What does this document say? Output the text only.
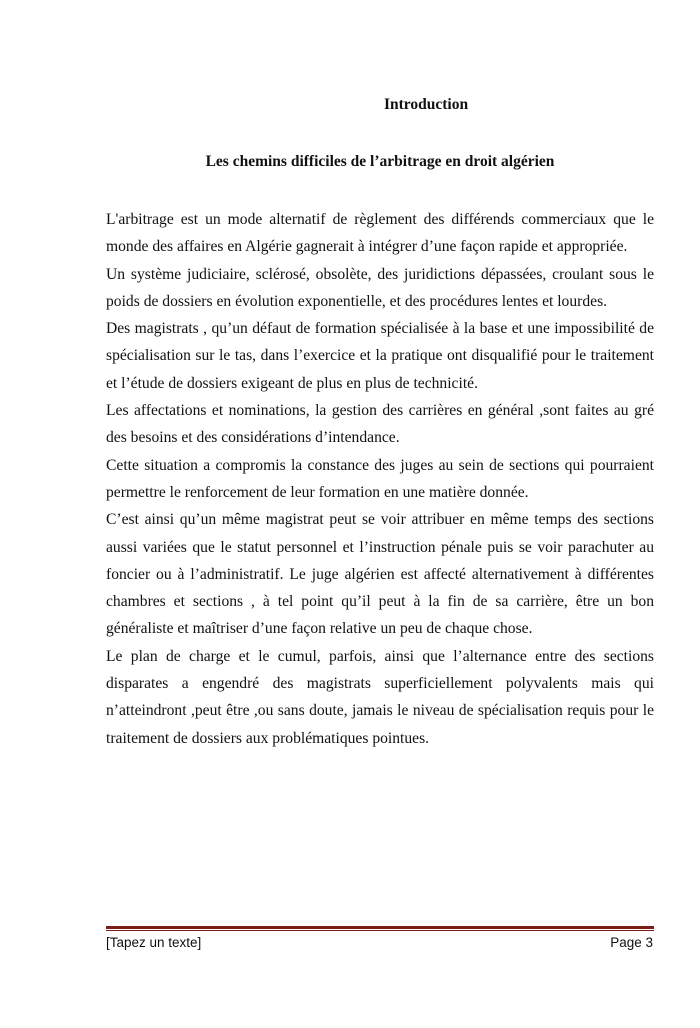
Introduction
Les chemins difficiles de l’arbitrage en droit algérien

L'arbitrage est un mode alternatif de règlement des différends commerciaux que le monde des affaires en Algérie gagnerait à intégrer d’une façon rapide et appropriée.

Un système judiciaire, sclérosé, obsolète, des juridictions dépassées, croulant sous le poids de dossiers en évolution exponentielle, et des procédures lentes et lourdes.

Des magistrats , qu’un défaut de formation spécialisée à la base et une impossibilité de spécialisation sur le tas, dans l’exercice et la pratique ont disqualifié pour le traitement et l’étude de dossiers exigeant de plus en plus de technicité.

Les affectations et nominations, la gestion des carrières en général ,sont faites au gré des besoins et des considérations d’intendance.

Cette situation a compromis la constance des juges au sein de sections qui pourraient permettre le renforcement de leur formation en une matière donnée.

C’est ainsi qu’un même magistrat peut se voir attribuer en même temps des sections aussi variées que le statut personnel et l’instruction pénale puis se voir parachuter au foncier ou à l’administratif. Le juge algérien est affecté alternativement à différentes chambres et sections , à tel point qu’il peut à la fin de sa carrière, être un bon généraliste et maîtriser d’une façon relative un peu de chaque chose.

Le plan de charge et le cumul, parfois, ainsi que l’alternance entre des sections disparates a engendré des magistrats superficiellement polyvalents mais qui n’atteindront ,peut être ,ou sans doute, jamais le niveau de spécialisation requis pour le traitement de dossiers aux problématiques pointues.

[Tapez un texte]	Page 3
